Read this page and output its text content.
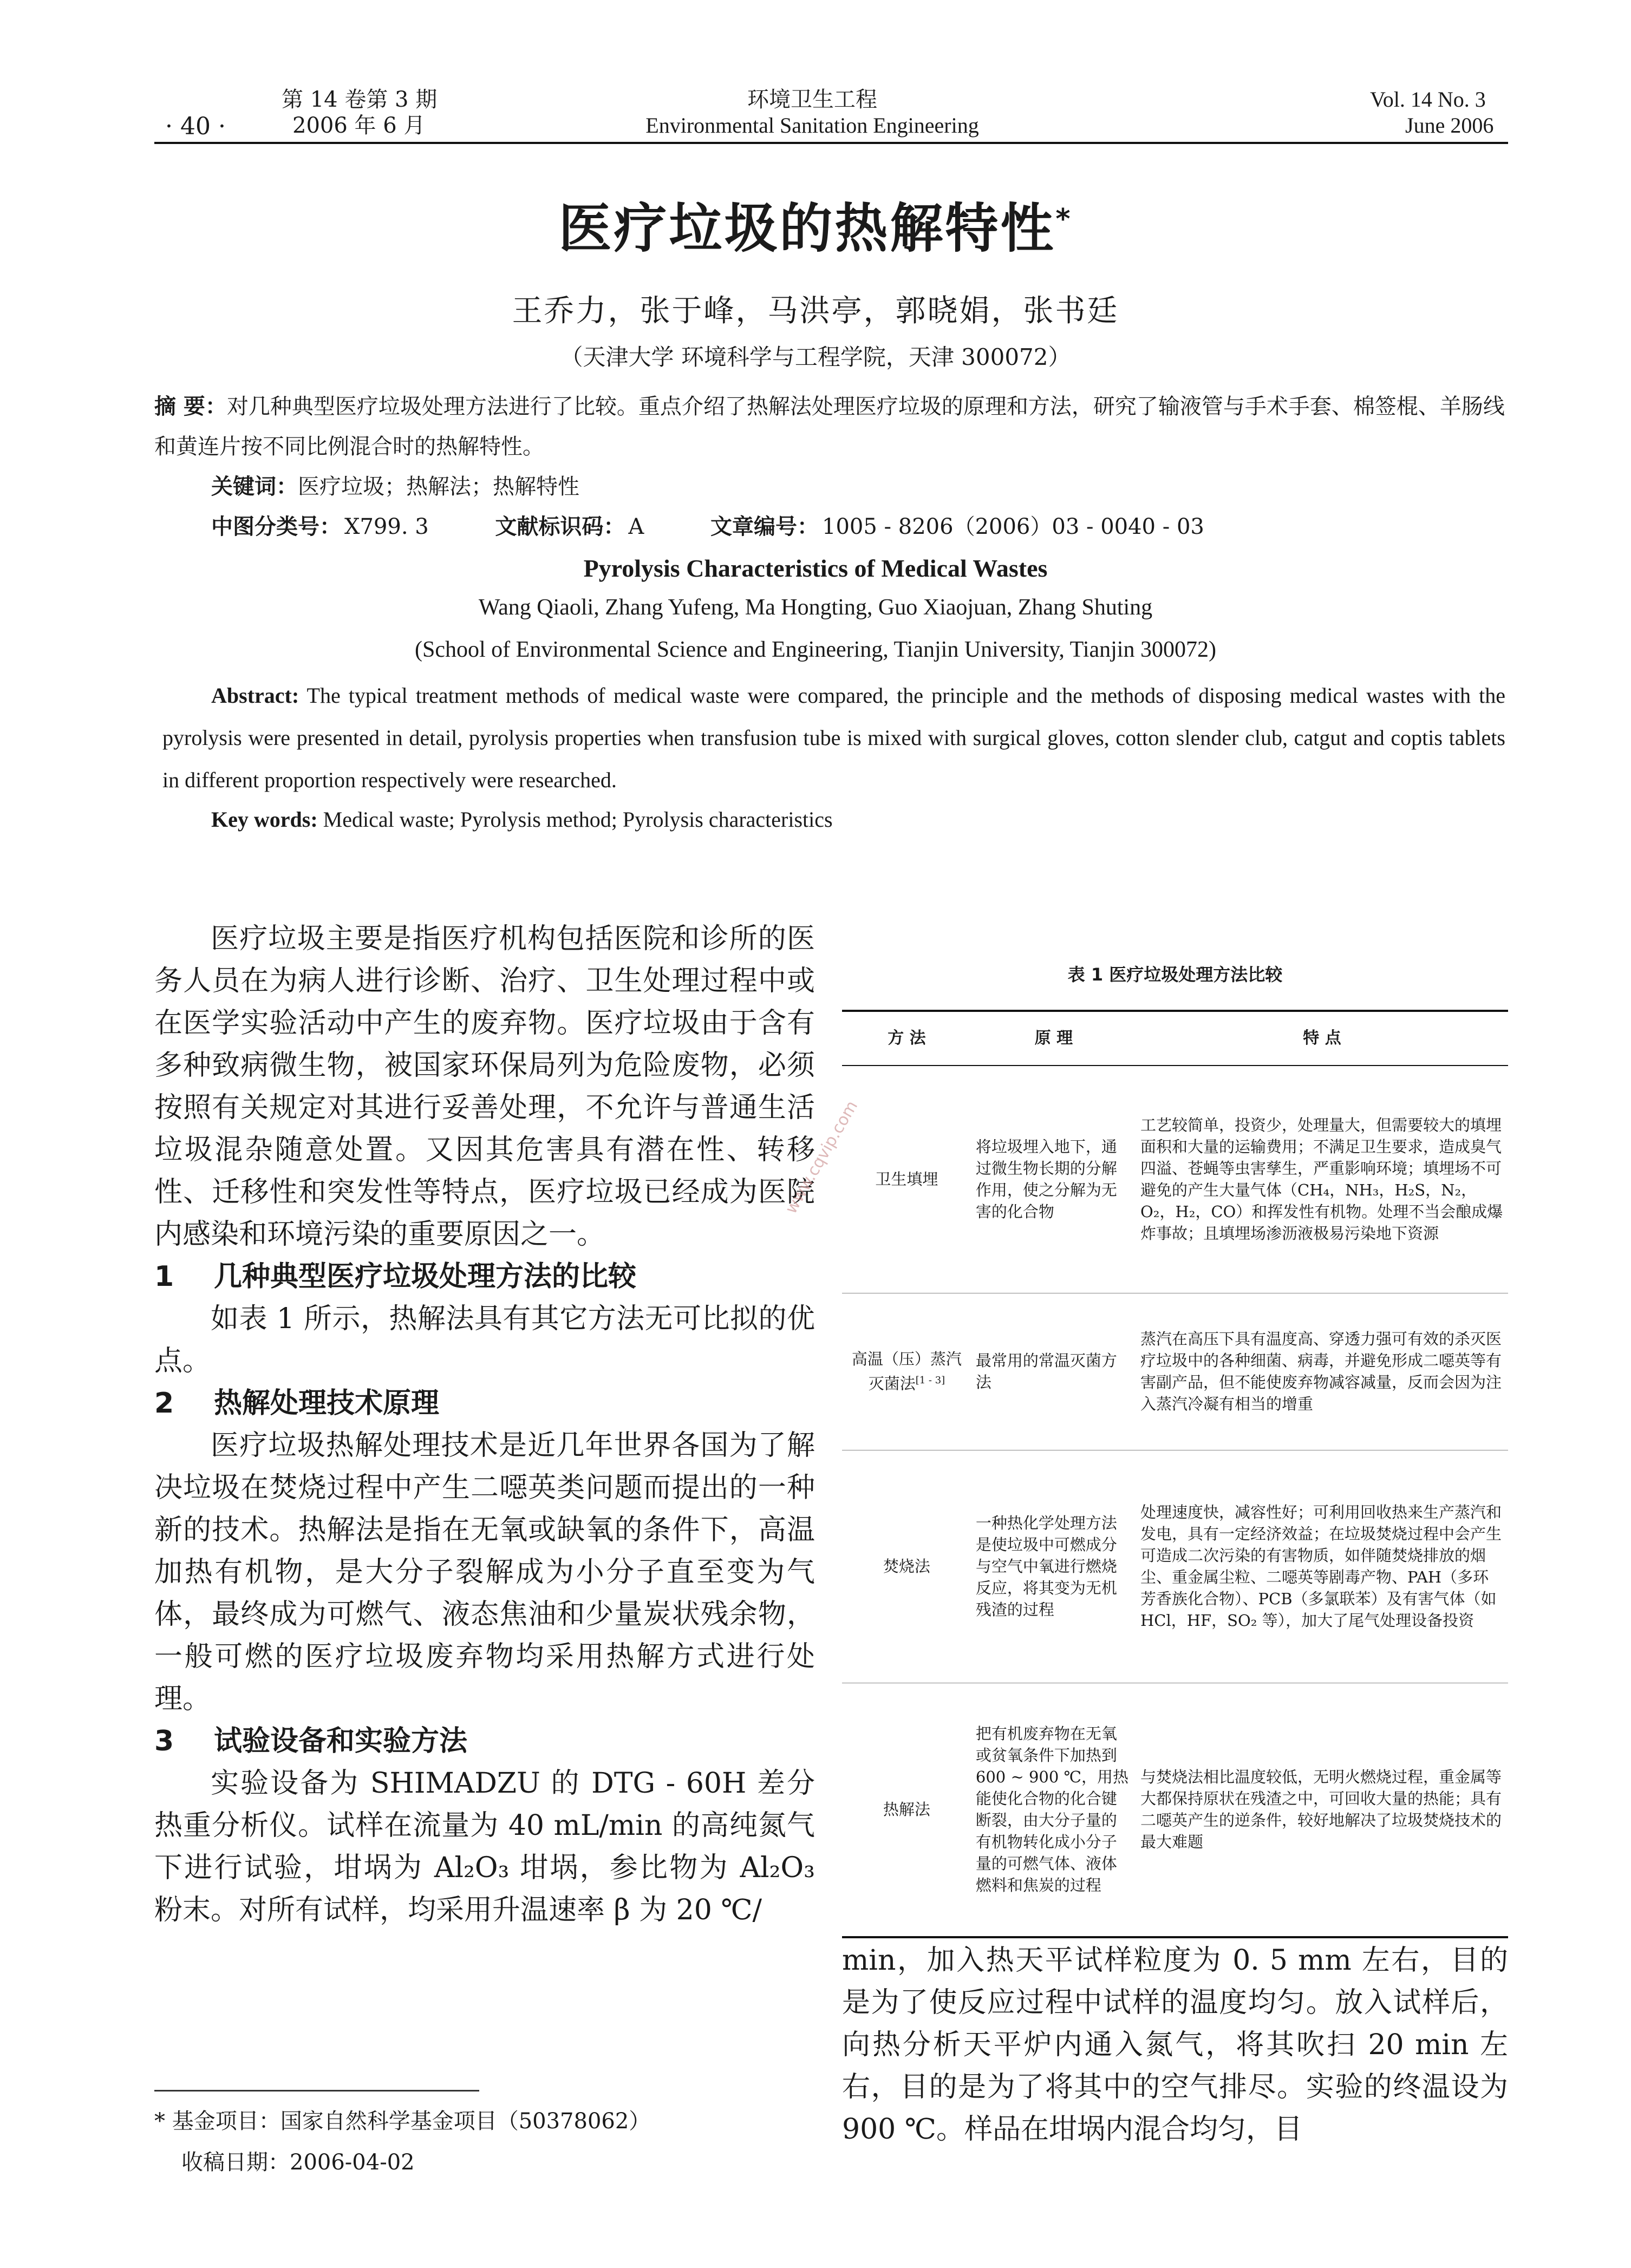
第 14 卷第 3 期
· 40 ·	2006 年 6 月
环境卫生工程
Environmental Sanitation Engineering
Vol. 14 No. 3
June 2006
医疗垃圾的热解特性*
王乔力，张于峰，马洪亭，郭晓娟，张书廷
（天津大学 环境科学与工程学院，天津 300072）
摘 要：对几种典型医疗垃圾处理方法进行了比较。重点介绍了热解法处理医疗垃圾的原理和方法，研究了输液管与手术手套、棉签棍、羊肠线和黄连片按不同比例混合时的热解特性。
关键词：医疗垃圾；热解法；热解特性
中图分类号： X799. 3	文献标识码： A	文章编号： 1005 - 8206（2006）03 - 0040 - 03
Pyrolysis Characteristics of Medical Wastes
Wang Qiaoli, Zhang Yufeng, Ma Hongting, Guo Xiaojuan, Zhang Shuting
(School of Environmental Science and Engineering, Tianjin University, Tianjin 300072)
Abstract: The typical treatment methods of medical waste were compared, the principle and the methods of disposing medical wastes with the pyrolysis were presented in detail, pyrolysis properties when transfusion tube is mixed with surgical gloves, cotton slender club, catgut and coptis tablets in different proportion respectively were researched.
Key words: Medical waste; Pyrolysis method; Pyrolysis characteristics

医疗垃圾主要是指医疗机构包括医院和诊所的医务人员在为病人进行诊断、治疗、卫生处理过程中或在医学实验活动中产生的废弃物。医疗垃圾由于含有多种致病微生物，被国家环保局列为危险废物，必须按照有关规定对其进行妥善处理，不允许与普通生活垃圾混杂随意处置。又因其危害具有潜在性、转移性、迁移性和突发性等特点，医疗垃圾已经成为医院内感染和环境污染的重要原因之一。

1 几种典型医疗垃圾处理方法的比较

如表 1 所示，热解法具有其它方法无可比拟的优点。

2 热解处理技术原理

医疗垃圾热解处理技术是近几年世界各国为了解决垃圾在焚烧过程中产生二噁英类问题而提出的一种新的技术。热解法是指在无氧或缺氧的条件下，高温加热有机物，是大分子裂解成为小分子直至变为气体，最终成为可燃气、液态焦油和少量炭状残余物，一般可燃的医疗垃圾废弃物均采用热解方式进行处理。

3 试验设备和实验方法

实验设备为 SHIMADZU 的 DTG - 60H 差分热重分析仪。试样在流量为 40 mL/min 的高纯氮气下进行试验，坩埚为 Al₂O₃ 坩埚，参比物为 Al₂O₃ 粉末。对所有试样，均采用升温速率 β 为 20 ℃/

www.cqvip.com
表 1 医疗垃圾处理方法比较
方 法	原 理	特 点
卫生填埋	将垃圾埋入地下，通过微生物长期的分解作用，使之分解为无害的化合物	工艺较简单，投资少，处理量大，但需要较大的填埋面积和大量的运输费用；不满足卫生要求，造成臭气四溢、苍蝇等虫害孳生，严重影响环境；填埋场不可避免的产生大量气体（CH₄，NH₃，H₂S，N₂，O₂，H₂，CO）和挥发性有机物。处理不当会酿成爆炸事故；且填埋场渗沥液极易污染地下资源
高温（压）蒸汽灭菌法[1 - 3]	最常用的常温灭菌方法	蒸汽在高压下具有温度高、穿透力强可有效的杀灭医疗垃圾中的各种细菌、病毒，并避免形成二噁英等有害副产品，但不能使废弃物减容减量，反而会因为注入蒸汽冷凝有相当的增重
焚烧法	一种热化学处理方法是使垃圾中可燃成分与空气中氧进行燃烧反应，将其变为无机残渣的过程	处理速度快，减容性好；可利用回收热来生产蒸汽和发电，具有一定经济效益；在垃圾焚烧过程中会产生可造成二次污染的有害物质，如伴随焚烧排放的烟尘、重金属尘粒、二噁英等剧毒产物、PAH（多环芳香族化合物）、PCB（多氯联苯）及有害气体（如 HCl，HF，SO₂ 等），加大了尾气处理设备投资
热解法	把有机废弃物在无氧或贫氧条件下加热到 600 ~ 900 ℃，用热能使化合物的化合键断裂，由大分子量的有机物转化成小分子量的可燃气体、液体燃料和焦炭的过程	与焚烧法相比温度较低，无明火燃烧过程，重金属等大都保持原状在残渣之中，可回收大量的热能；具有二噁英产生的逆条件，较好地解决了垃圾焚烧技术的最大难题

min，加入热天平试样粒度为 0. 5 mm 左右，目的是为了使反应过程中试样的温度均匀。放入试样后，向热分析天平炉内通入氮气，将其吹扫 20 min 左右，目的是为了将其中的空气排尽。实验的终温设为 900 ℃。样品在坩埚内混合均匀，目

* 基金项目：国家自然科学基金项目（50378062）
收稿日期：2006-04-02
